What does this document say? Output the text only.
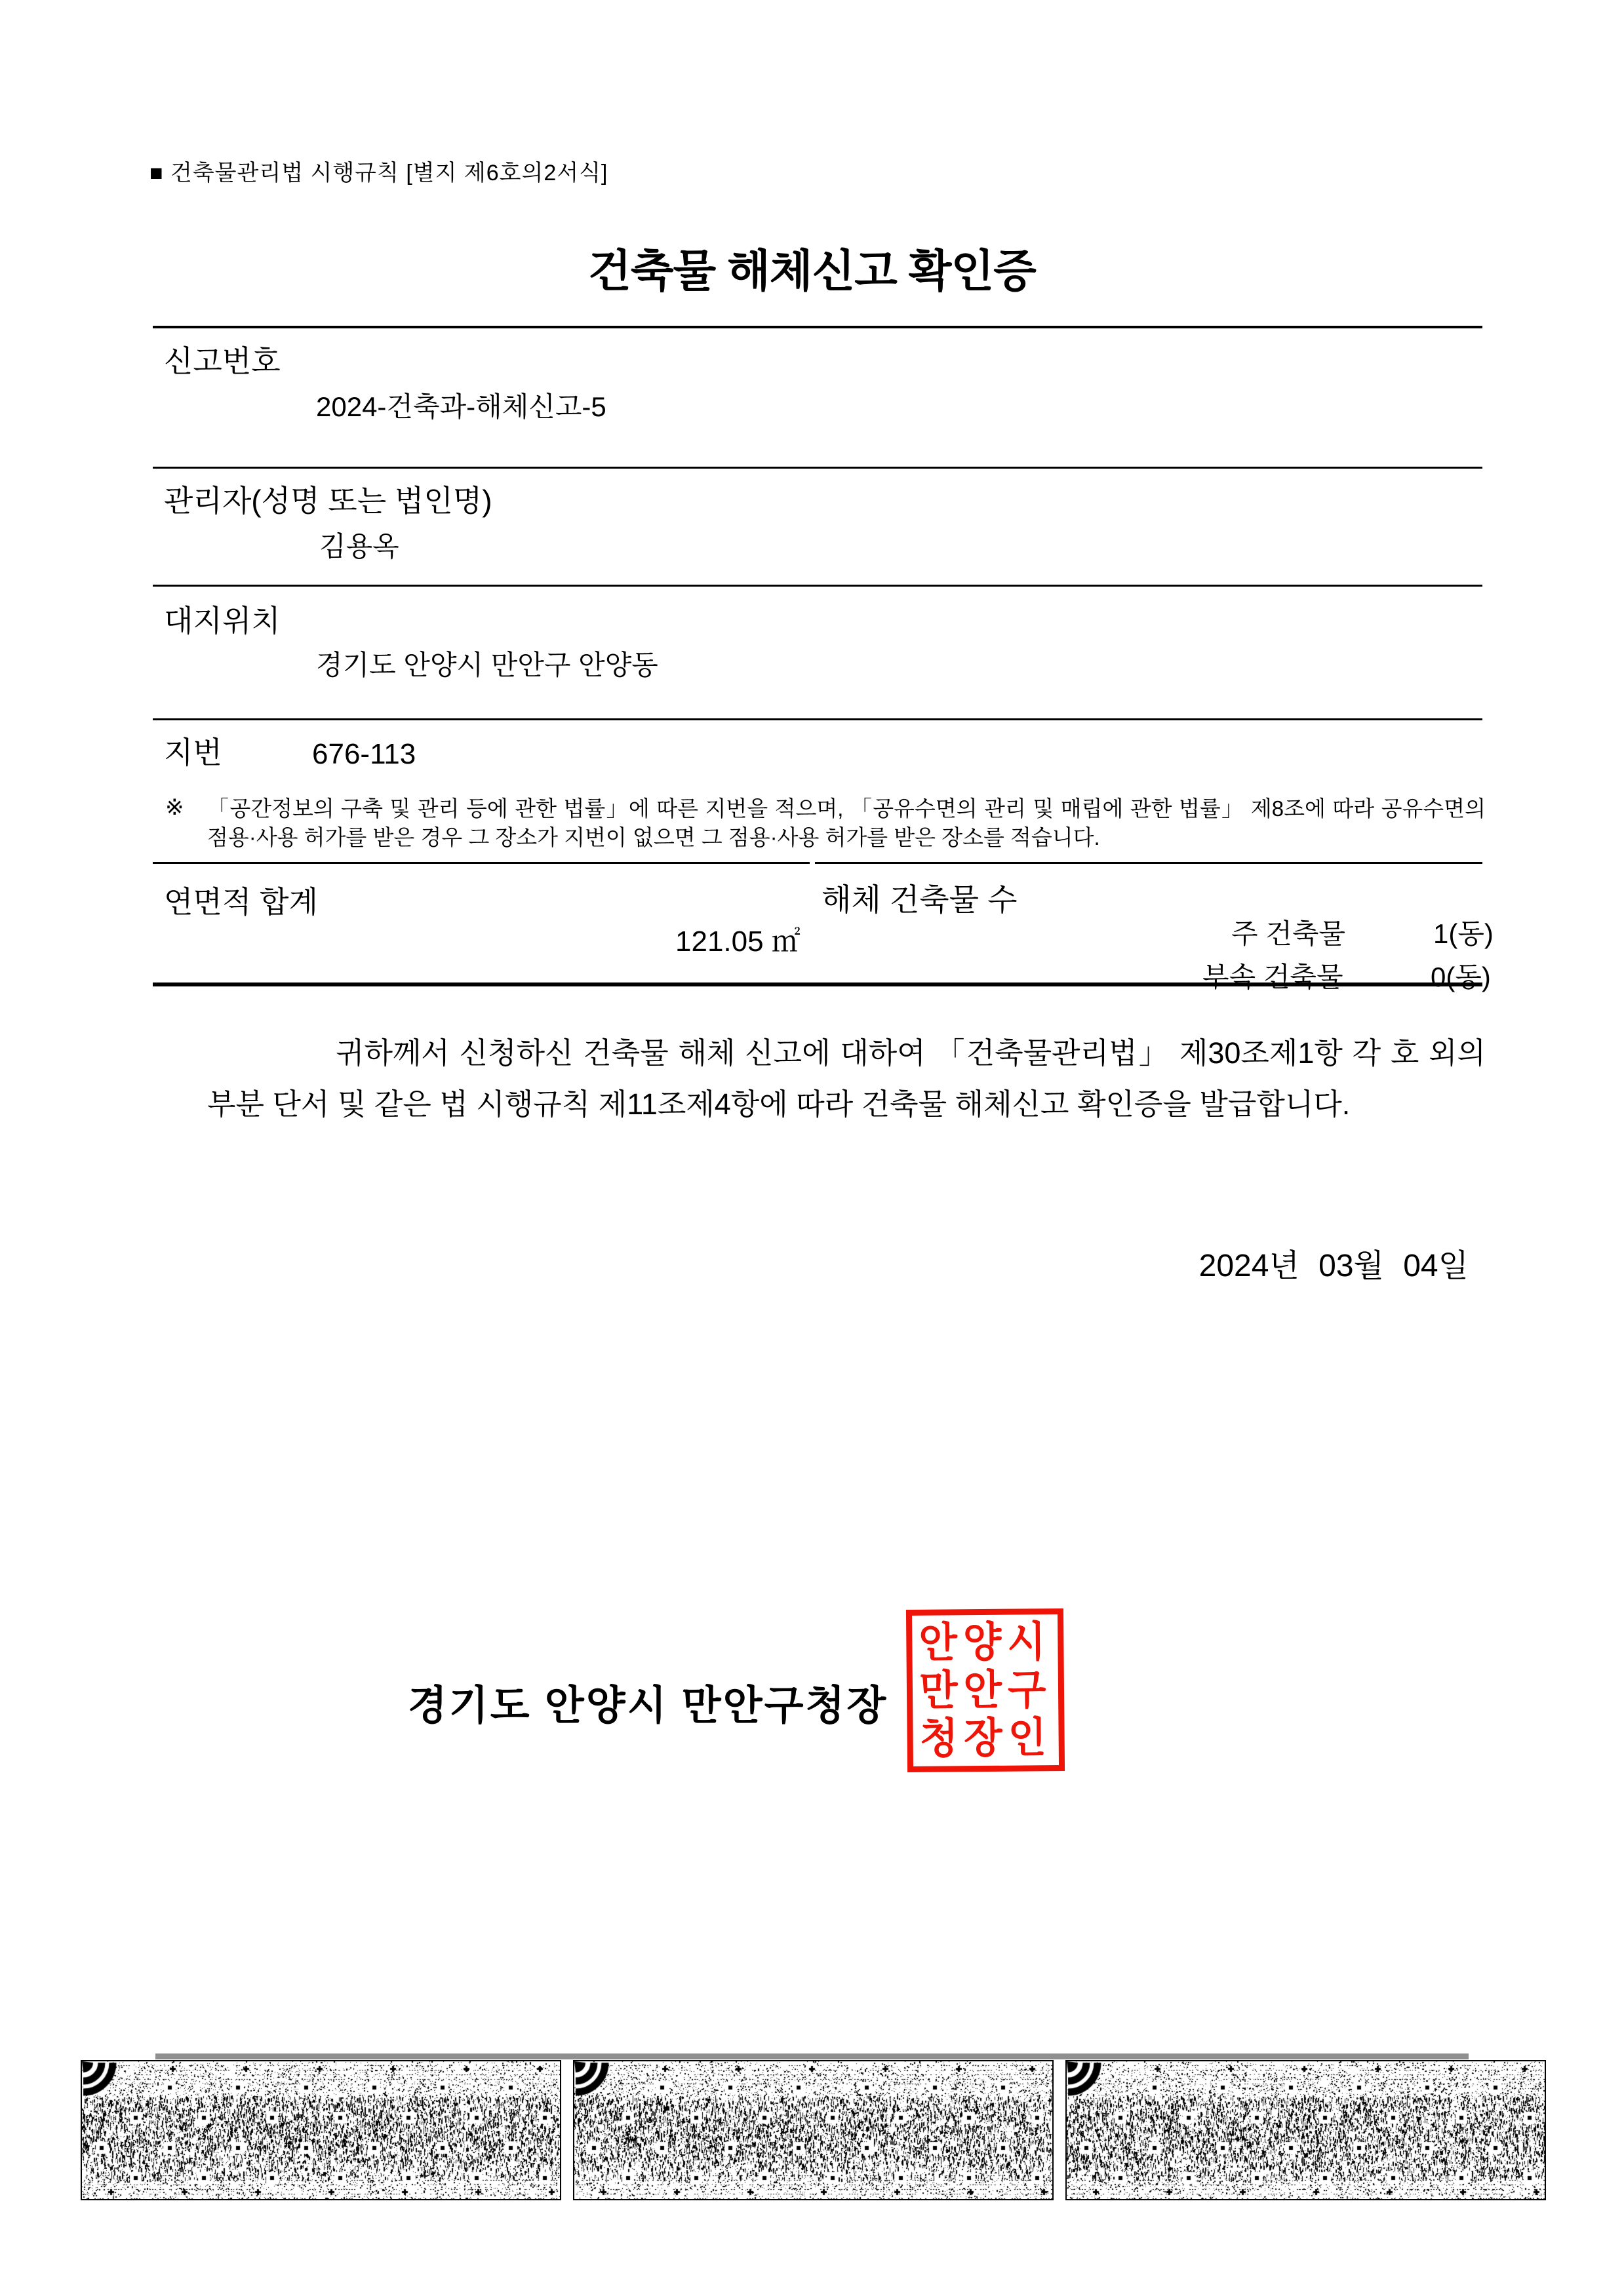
■ 건축물관리법 시행규칙 [별지 제6호의2서식]
건축물 해체신고 확인증
신고번호
2024-건축과-해체신고-5
관리자(성명 또는 법인명)
김용옥
대지위치
경기도 안양시 만안구 안양동
지번	676-113
※ 「공간정보의 구축 및 관리 등에 관한 법률」에 따른 지번을 적으며, 「공유수면의 관리 및 매립에 관한 법률」 제8조에 따라 공유수면의 점용·사용 허가를 받은 경우 그 장소가 지번이 없으면 그 점용·사용 허가를 받은 장소를 적습니다.
연면적 합계	해체 건축물 수
121.05 ㎡	주 건축물	1(동)
부속 건축물	0(동)
귀하께서 신청하신 건축물 해체 신고에 대하여 「건축물관리법」 제30조제1항 각 호 외의 부분 단서 및 같은 법 시행규칙 제11조제4항에 따라 건축물 해체신고 확인증을 발급합니다.
2024년 03월 04일
경기도 안양시 만안구청장
안양시
만안구
청장인
